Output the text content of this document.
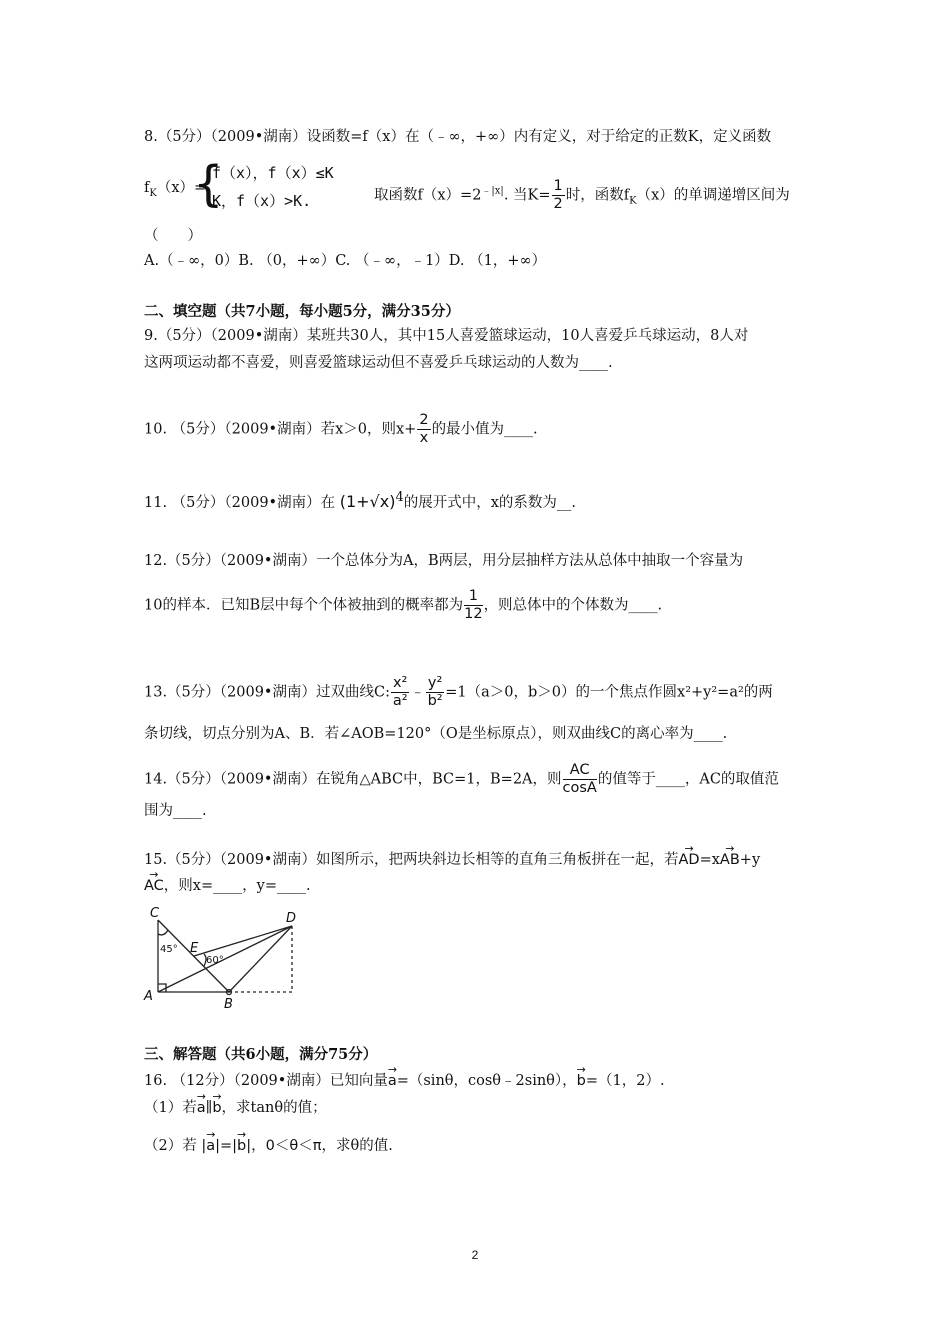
8.（5分）（2009•湖南）设函数=f（x）在（﹣∞，+∞）内有定义，对于给定的正数K，定义函数
$f_K(x)=$
{
f（x），f（x）≤K
K，f（x）>K.	取函数$f(x)=2^{﹣|x|}$. 当$K= \frac{1}{2}$ 时，函数$f_K(x)$的单调递增区间为
（　　）
A.（﹣∞，0）B. （0，+∞）C. （﹣∞，﹣1）D. （1，+∞）
二、填空题（共7小题，每小题5分，满分35分）
9.（5分）（2009•湖南）某班共30人，其中15人喜爱篮球运动，10人喜爱乒乓球运动，8人对
这两项运动都不喜爱，则喜爱篮球运动但不喜爱乒乓球运动的人数为____.
10. （5分）（2009•湖南）若x＞0，则$x+ \frac{2}{x}$ 的最小值为____.
11. （5分）（2009•湖南）在 (1+√x)4的展开式中，x的系数为__.
12.（5分）（2009•湖南）一个总体分为A，B两层，用分层抽样方法从总体中抽取一个容量为
10的样本．已知B层中每个个体被抽到的概率都为 $\frac{1}{12}$ ，则总体中的个体数为____.
13.（5分）（2009•湖南）过双曲线C: $\frac{\text{x²}}{\text{a²}}$ ﹣ $\frac{\text{y²}}{\text{b²}} =1(a>0$，b＞0）的一个焦点作圆x²+y²=a²的两
条切线，切点分别为A、B．若∠AOB=120°（O是坐标原点），则双曲线C的离心率为____.
14.（5分）（2009•湖南）在锐角△ABC中，BC=1，B=2A，则 $\frac{AC}{\cos A}$ 的值等于____，AC的取值范
围为____.
15.（5分）（2009•湖南）如图所示，把两块斜边长相等的直角三角板拼在一起，若→ AD=x→ AB+y
→ AC，则x=____，y=____.
C	D
E
A
B
45°
60°
三、解答题（共6小题，满分75分）
16. （12分）（2009•湖南）已知向量→ a=（sinθ，cosθ﹣2sinθ），→ b=（1，2）.
（1）若→ a∥→ b，求tanθ的值；
（2）若 |→ a|=|→ b|，0＜θ＜π，求θ的值.
2
